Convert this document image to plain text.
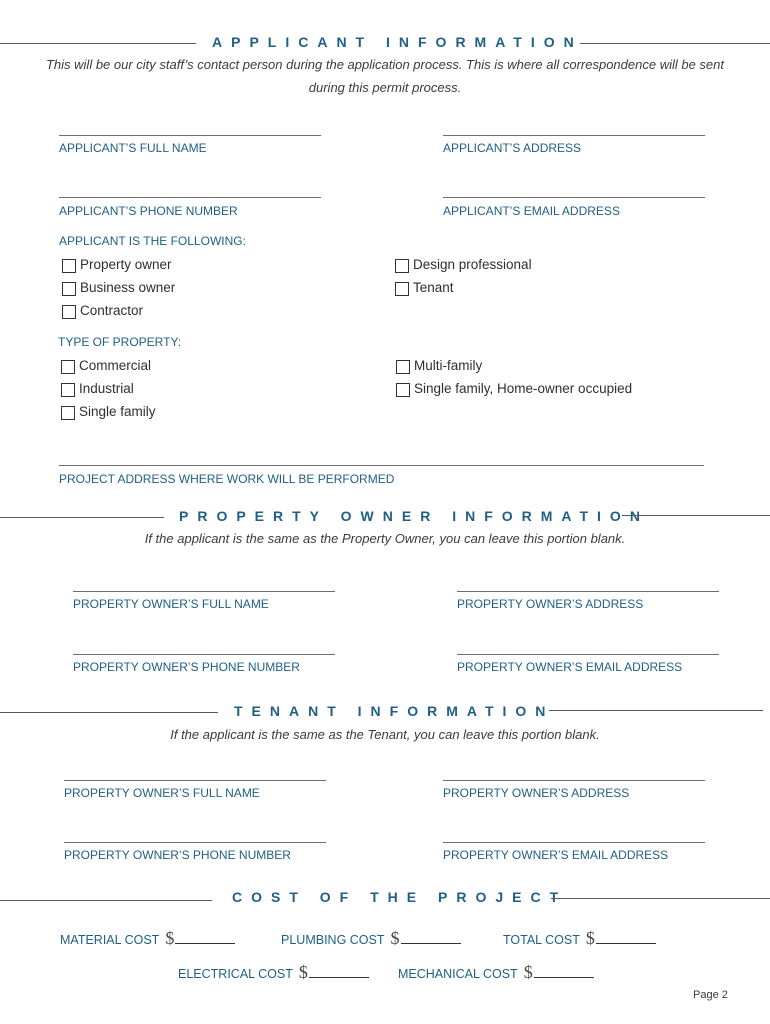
APPLICANT INFORMATION
This will be our city staff’s contact person during the application process. This is where all correspondence will be sent during this permit process.
APPLICANT’S FULL NAME	APPLICANT’S ADDRESS
APPLICANT’S PHONE NUMBER	APPLICANT’S EMAIL ADDRESS
APPLICANT IS THE FOLLOWING:
Property owner
Business owner
Contractor
Design professional
Tenant
TYPE OF PROPERTY:
Commercial
Industrial
Single family
Multi-family
Single family, Home-owner occupied
PROJECT ADDRESS WHERE WORK WILL BE PERFORMED
PROPERTY OWNER INFORMATION
If the applicant is the same as the Property Owner, you can leave this portion blank.
PROPERTY OWNER’S FULL NAME	PROPERTY OWNER’S ADDRESS
PROPERTY OWNER’S PHONE NUMBER	PROPERTY OWNER’S EMAIL ADDRESS
TENANT INFORMATION
If the applicant is the same as the Tenant, you can leave this portion blank.
PROPERTY OWNER’S FULL NAME	PROPERTY OWNER’S ADDRESS
PROPERTY OWNER’S PHONE NUMBER	PROPERTY OWNER’S EMAIL ADDRESS
COST OF THE PROJECT
MATERIAL COST $	PLUMBING COST $	TOTAL COST $
ELECTRICAL COST $	MECHANICAL COST $
Page 2
